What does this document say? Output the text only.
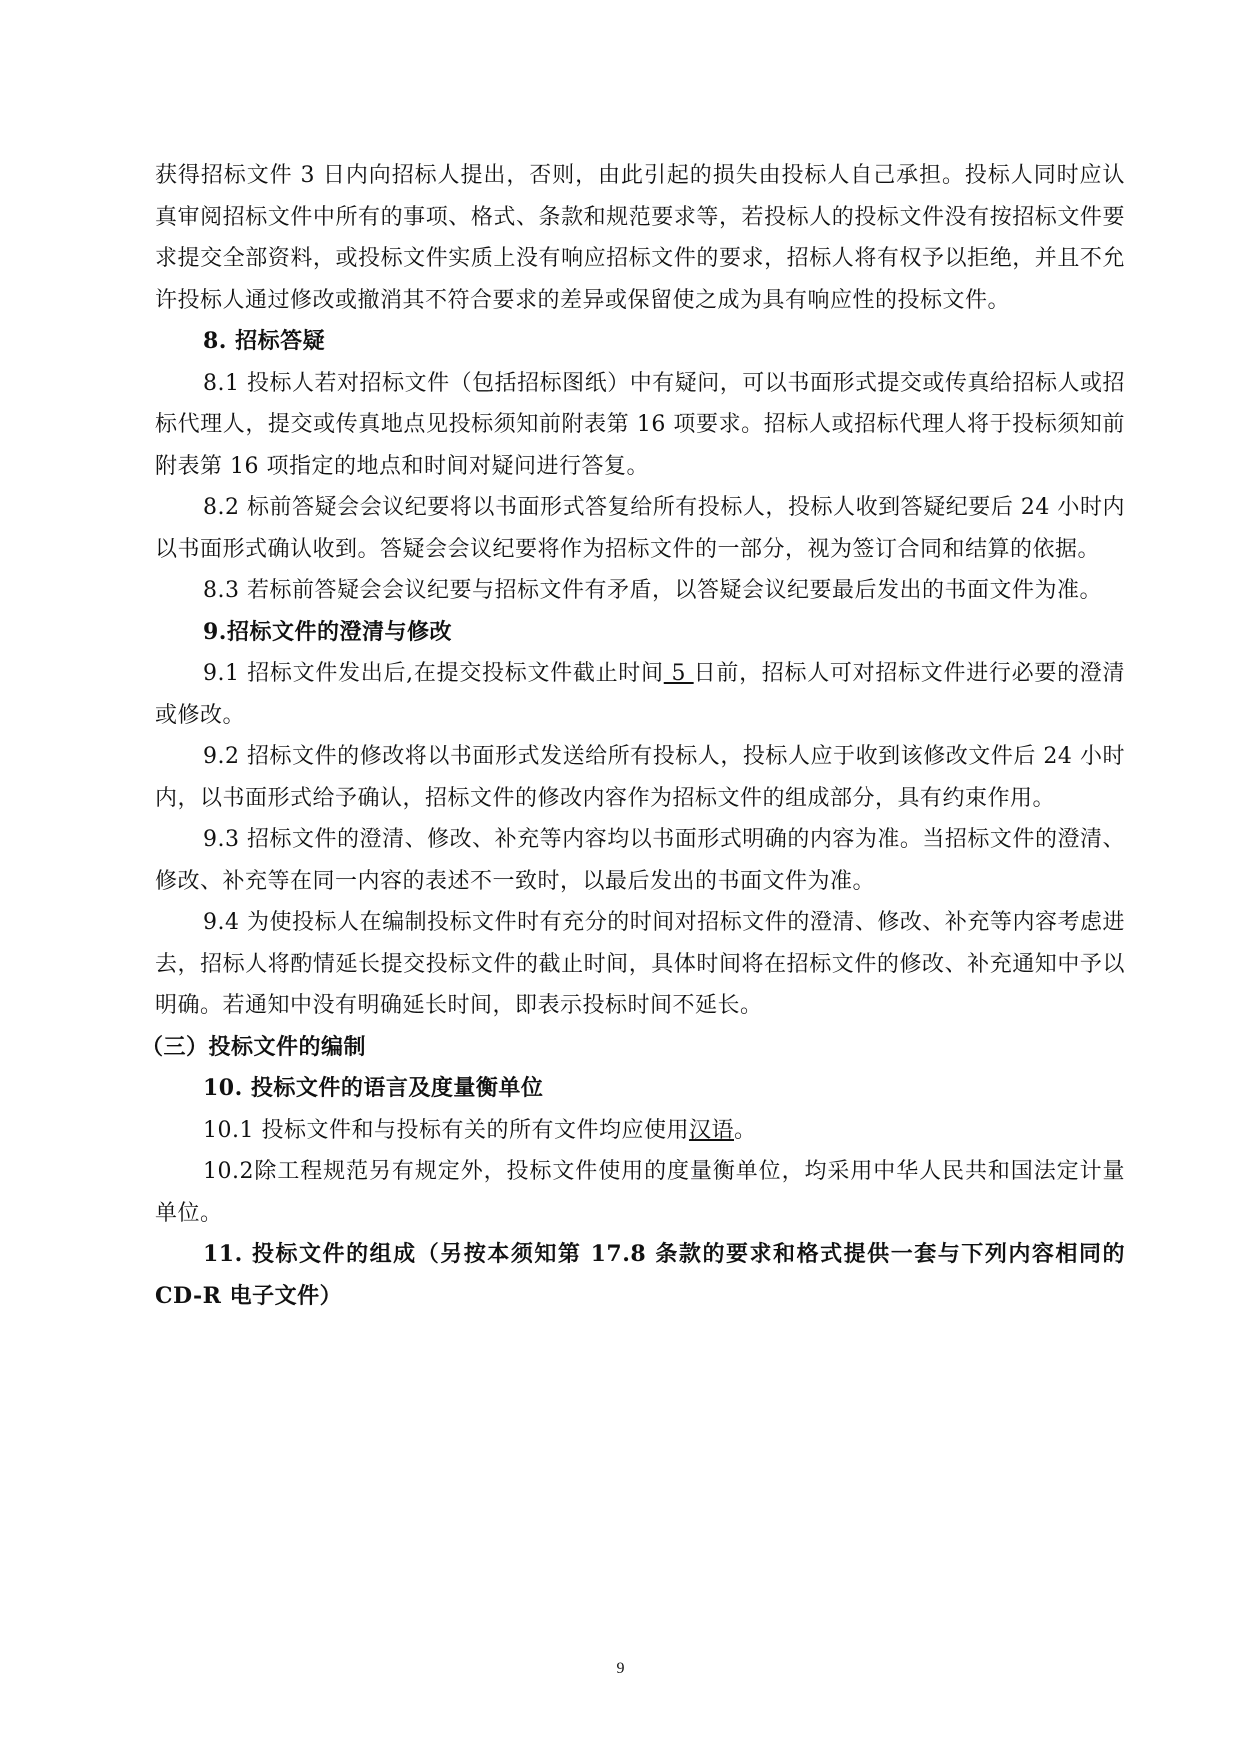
获得招标文件 3 日内向招标人提出，否则，由此引起的损失由投标人自己承担。投标人同时应认真审阅招标文件中所有的事项、格式、条款和规范要求等，若投标人的投标文件没有按招标文件要求提交全部资料，或投标文件实质上没有响应招标文件的要求，招标人将有权予以拒绝，并且不允许投标人通过修改或撤消其不符合要求的差异或保留使之成为具有响应性的投标文件。

8. 招标答疑

8.1 投标人若对招标文件（包括招标图纸）中有疑问，可以书面形式提交或传真给招标人或招标代理人，提交或传真地点见投标须知前附表第 16 项要求。招标人或招标代理人将于投标须知前附表第 16 项指定的地点和时间对疑问进行答复。

8.2 标前答疑会会议纪要将以书面形式答复给所有投标人，投标人收到答疑纪要后 24 小时内以书面形式确认收到。答疑会会议纪要将作为招标文件的一部分，视为签订合同和结算的依据。

8.3 若标前答疑会会议纪要与招标文件有矛盾，以答疑会议纪要最后发出的书面文件为准。

9.招标文件的澄清与修改

9.1 招标文件发出后,在提交投标文件截止时间 5 日前，招标人可对招标文件进行必要的澄清或修改。

9.2 招标文件的修改将以书面形式发送给所有投标人，投标人应于收到该修改文件后 24 小时内，以书面形式给予确认，招标文件的修改内容作为招标文件的组成部分，具有约束作用。

9.3 招标文件的澄清、修改、补充等内容均以书面形式明确的内容为准。当招标文件的澄清、修改、补充等在同一内容的表述不一致时，以最后发出的书面文件为准。

9.4 为使投标人在编制投标文件时有充分的时间对招标文件的澄清、修改、补充等内容考虑进去，招标人将酌情延长提交投标文件的截止时间，具体时间将在招标文件的修改、补充通知中予以明确。若通知中没有明确延长时间，即表示投标时间不延长。

（三）投标文件的编制

10. 投标文件的语言及度量衡单位

10.1 投标文件和与投标有关的所有文件均应使用汉语。

10.2除工程规范另有规定外，投标文件使用的度量衡单位，均采用中华人民共和国法定计量单位。

11. 投标文件的组成（另按本须知第 17.8 条款的要求和格式提供一套与下列内容相同的 CD-R 电子文件）

9
